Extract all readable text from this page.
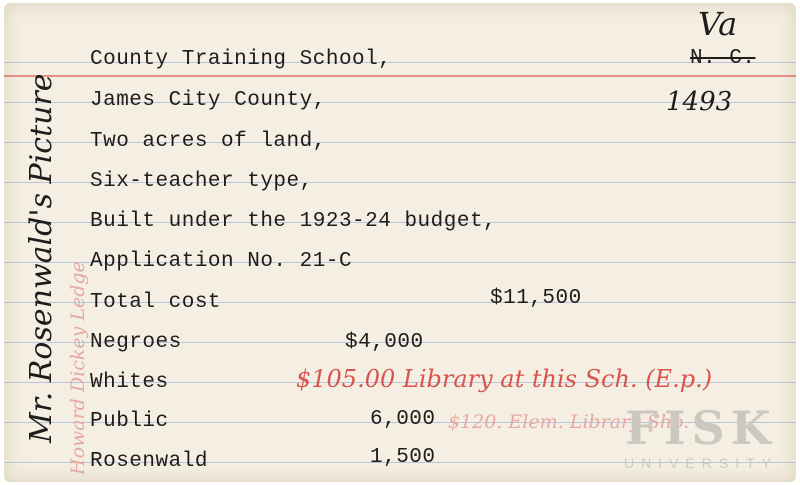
Va
N. C.
1493
County Training School,
James City County,
Two acres of land,
Six-teacher type,
Built under the 1923-24 budget,
Application No. 21-C
Total cost	$11,500
Negroes	$4,000
Whites
Public	6,000
Rosenwald	1,500
$105.00 Library at this Sch. (E.p.)
$120. Elem. Library Sho.
Mr. Rosenwald's Picture Howard Dickey Ledge	FISK
UNIVERSITY
